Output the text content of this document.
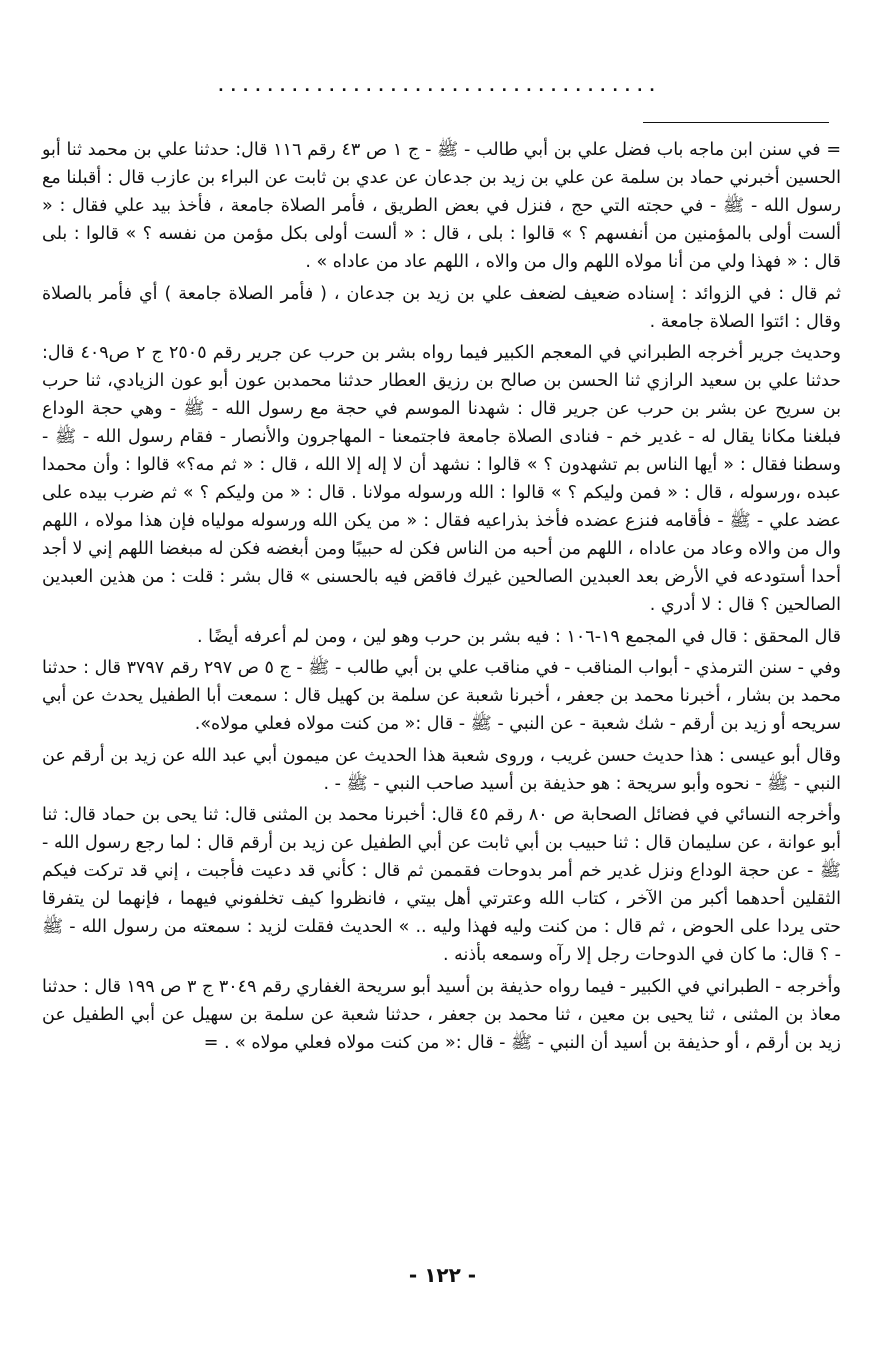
....................................

= في سنن ابن ماجه باب فضل علي بن أبي طالب - ﷺ - ج ١ ص ٤٣ رقم ١١٦ قال: حدثنا علي بن محمد ثنا أبو الحسين أخبرني حماد بن سلمة عن علي بن زيد بن جدعان عن عدي بن ثابت عن البراء بن عازب قال : أقبلنا مع رسول الله - ﷺ - في حجته التي حج ، فنزل في بعض الطريق ، فأمر الصلاة جامعة ، فأخذ بيد علي فقال : « ألست أولى بالمؤمنين من أنفسهم ؟ » قالوا : بلى ، قال : « ألست أولى بكل مؤمن من نفسه ؟ » قالوا : بلى قال : « فهذا ولي من أنا مولاه اللهم وال من والاه ، اللهم عاد من عاداه » .

ثم قال : في الزوائد : إسناده ضعيف لضعف علي بن زيد بن جدعان ، ( فأمر الصلاة جامعة ) أي فأمر بالصلاة وقال : ائتوا الصلاة جامعة .

وحديث جرير أخرجه الطبراني في المعجم الكبير فيما رواه بشر بن حرب عن جرير رقم ٢٥٠٥ ج ٢ ص٤٠٩ قال: حدثنا علي بن سعيد الرازي ثنا الحسن بن صالح بن رزيق العطار حدثنا محمدبن عون أبو عون الزيادي، ثنا حرب بن سريح عن بشر بن حرب عن جرير قال : شهدنا الموسم في حجة مع رسول الله - ﷺ - وهي حجة الوداع فبلغنا مكانا يقال له - غدير خم - فنادى الصلاة جامعة فاجتمعنا - المهاجرون والأنصار - فقام رسول الله - ﷺ - وسطنا فقال : « أيها الناس بم تشهدون ؟ » قالوا : نشهد أن لا إله إلا الله ، قال : « ثم مه؟» قالوا : وأن محمدا عبده ،ورسوله ، قال : « فمن وليكم ؟ » قالوا : الله ورسوله مولانا . قال : « من وليكم ؟ » ثم ضرب بيده على عضد علي - ﷺ - فأقامه فنزع عضده فأخذ بذراعيه فقال : « من يكن الله ورسوله مولياه فإن هذا مولاه ، اللهم وال من والاه وعاد من عاداه ، اللهم من أحبه من الناس فكن له حبيبًا ومن أبغضه فكن له مبغضا اللهم إني لا أجد أحدا أستودعه في الأرض بعد العبدين الصالحين غيرك فاقض فيه بالحسنى » قال بشر : قلت : من هذين العبدين الصالحين ؟ قال : لا أدري .

قال المحقق : قال في المجمع ١٩-١٠٦ : فيه بشر بن حرب وهو لين ، ومن لم أعرفه أيضًا .

وفي - سنن الترمذي - أبواب المناقب - في مناقب علي بن أبي طالب - ﷺ - ج ٥ ص ٢٩٧ رقم ٣٧٩٧ قال : حدثنا محمد بن بشار ، أخبرنا محمد بن جعفر ، أخبرنا شعبة عن سلمة بن كهيل قال : سمعت أبا الطفيل يحدث عن أبي سريحه أو زيد بن أرقم - شك شعبة - عن النبي - ﷺ - قال :« من كنت مولاه فعلي مولاه».

وقال أبو عيسى : هذا حديث حسن غريب ، وروى شعبة هذا الحديث عن ميمون أبي عبد الله عن زيد بن أرقم عن النبي - ﷺ - نحوه وأبو سريحة : هو حذيفة بن أسيد صاحب النبي - ﷺ - .

وأخرجه النسائي في فضائل الصحابة ص ٨٠ رقم ٤٥ قال: أخبرنا محمد بن المثنى قال: ثنا يحى بن حماد قال: ثنا أبو عوانة ، عن سليمان قال : ثنا حبيب بن أبي ثابت عن أبي الطفيل عن زيد بن أرقم قال : لما رجع رسول الله - ﷺ - عن حجة الوداع ونزل غدير خم أمر بدوحات فقممن ثم قال : كأني قد دعيت فأجبت ، إني قد تركت فيكم الثقلين أحدهما أكبر من الآخر ، كتاب الله وعترتي أهل بيتي ، فانظروا كيف تخلفوني فيهما ، فإنهما لن يتفرقا حتى يردا على الحوض ، ثم قال : من كنت وليه فهذا وليه .. » الحديث فقلت لزيد : سمعته من رسول الله - ﷺ - ؟ قال: ما كان في الدوحات رجل إلا رآه وسمعه بأذنه .

وأخرجه - الطبراني في الكبير - فيما رواه حذيفة بن أسيد أبو سريحة الغفاري رقم ٣٠٤٩ ج ٣ ص ١٩٩ قال : حدثنا معاذ بن المثنى ، ثنا يحيى بن معين ، ثنا محمد بن جعفر ، حدثنا شعبة عن سلمة بن سهيل عن أبي الطفيل عن زيد بن أرقم ، أو حذيفة بن أسيد أن النبي - ﷺ - قال :« من كنت مولاه فعلي مولاه » . =

- ١٢٢ -
